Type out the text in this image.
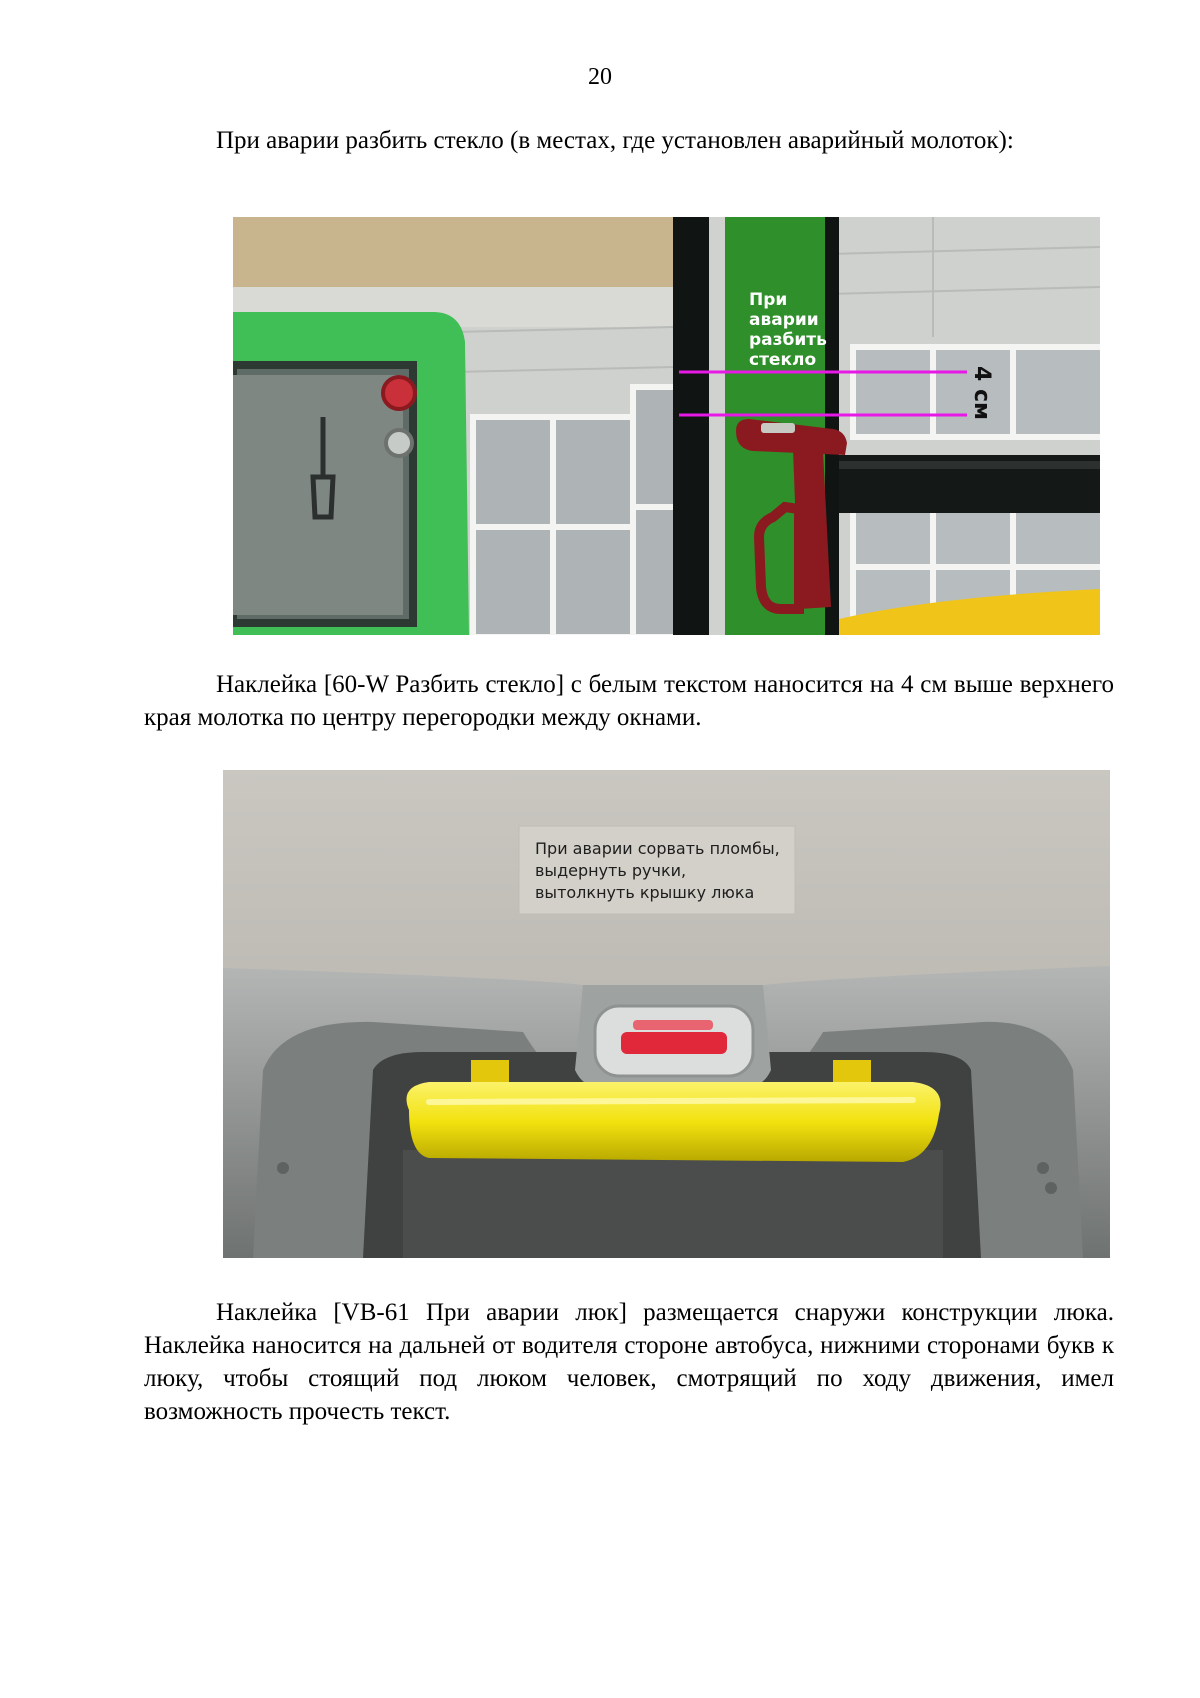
20

При аварии разбить стекло (в местах, где установлен аварийный молоток):

При
аварии
разбить
стекло
4 см

Наклейка [60-W Разбить стекло] с белым текстом наносится на 4 см выше верхнего края молотка по центру перегородки между окнами.

При аварии сорвать пломбы,
выдернуть ручки,
вытолкнуть крышку люка

Наклейка [VB-61 При аварии люк] размещается снаружи конструкции люка. Наклейка наносится на дальней от водителя стороне автобуса, нижними сторонами букв к люку, чтобы стоящий под люком человек, смотрящий по ходу движения, имел возможность прочесть текст.
